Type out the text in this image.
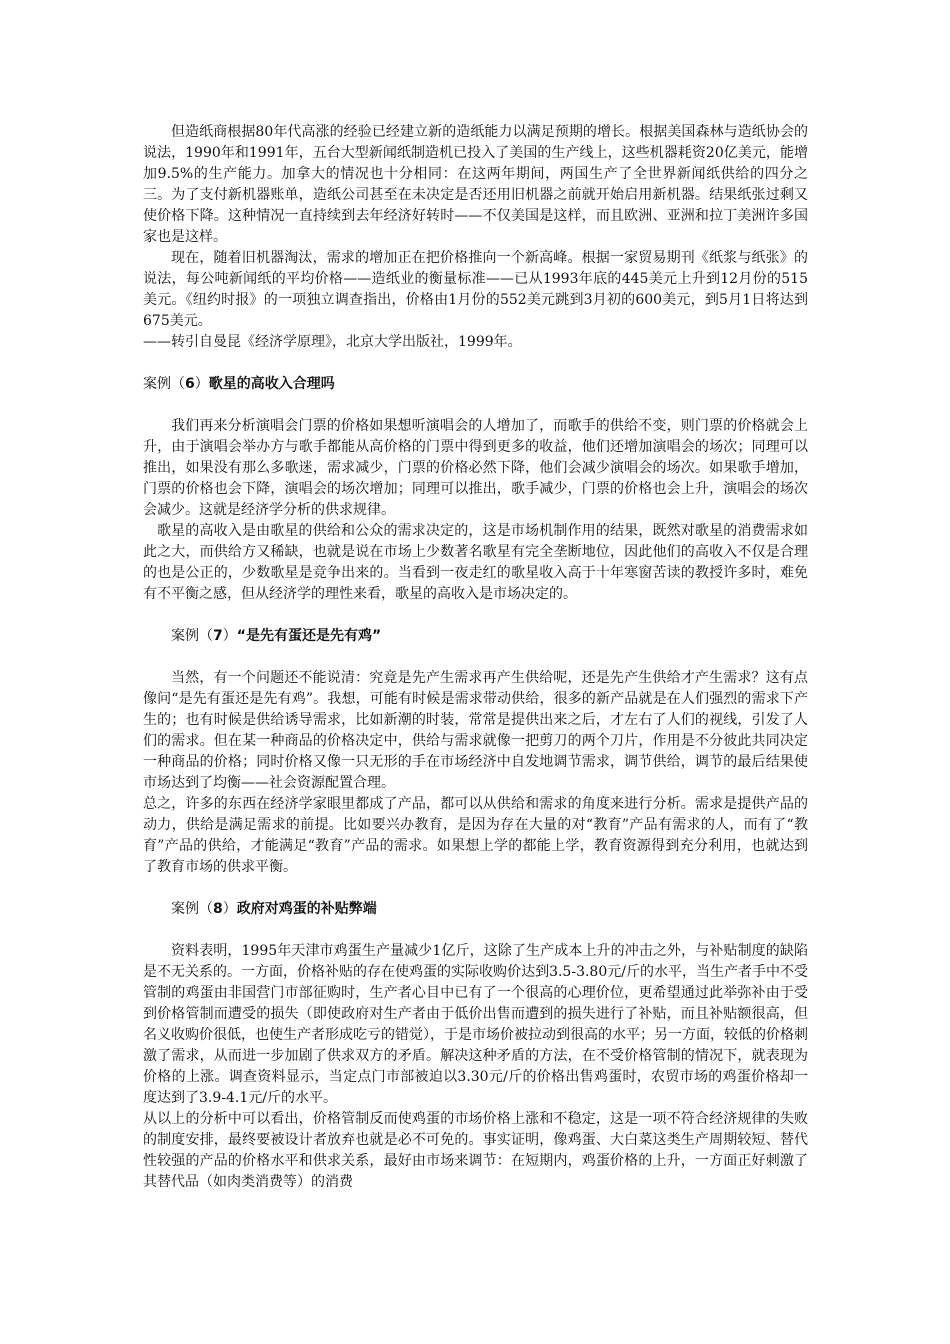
但造纸商根据80年代高涨的经验已经建立新的造纸能力以满足预期的增长。根据美国森林与造纸协会的说法，1990年和1991年，五台大型新闻纸制造机已投入了美国的生产线上，这些机器耗资20亿美元，能增加9.5%的生产能力。加拿大的情况也十分相同：在这两年期间，两国生产了全世界新闻纸供给的四分之三。为了支付新机器账单，造纸公司甚至在未决定是否还用旧机器之前就开始启用新机器。结果纸张过剩又使价格下降。这种情况一直持续到去年经济好转时——不仅美国是这样，而且欧洲、亚洲和拉丁美洲许多国家也是这样。

现在，随着旧机器淘汰，需求的增加正在把价格推向一个新高峰。根据一家贸易期刊《纸浆与纸张》的说法，每公吨新闻纸的平均价格——造纸业的衡量标准——已从1993年底的445美元上升到12月份的515美元。《纽约时报》的一项独立调查指出，价格由1月份的552美元跳到3月初的600美元，到5月1日将达到675美元。

——转引自曼昆《经济学原理》，北京大学出版社，1999年。

案例（6）歌星的高收入合理吗

我们再来分析演唱会门票的价格如果想听演唱会的人增加了，而歌手的供给不变，则门票的价格就会上升，由于演唱会举办方与歌手都能从高价格的门票中得到更多的收益，他们还增加演唱会的场次；同理可以推出，如果没有那么多歌迷，需求减少，门票的价格必然下降，他们会减少演唱会的场次。如果歌手增加，门票的价格也会下降，演唱会的场次增加；同理可以推出，歌手减少，门票的价格也会上升，演唱会的场次会减少。这就是经济学分析的供求规律。

歌星的高收入是由歌星的供给和公众的需求决定的，这是市场机制作用的结果，既然对歌星的消费需求如此之大，而供给方又稀缺，也就是说在市场上少数著名歌星有完全垄断地位，因此他们的高收入不仅是合理的也是公正的，少数歌星是竞争出来的。当看到一夜走红的歌星收入高于十年寒窗苦读的教授许多时，难免有不平衡之感，但从经济学的理性来看，歌星的高收入是市场决定的。

案例（7）“是先有蛋还是先有鸡”

当然，有一个问题还不能说清：究竟是先产生需求再产生供给呢，还是先产生供给才产生需求？这有点像问“是先有蛋还是先有鸡”。我想，可能有时候是需求带动供给，很多的新产品就是在人们强烈的需求下产生的；也有时候是供给诱导需求，比如新潮的时装，常常是提供出来之后，才左右了人们的视线，引发了人们的需求。但在某一种商品的价格决定中，供给与需求就像一把剪刀的两个刀片，作用是不分彼此共同决定一种商品的价格；同时价格又像一只无形的手在市场经济中自发地调节需求，调节供给，调节的最后结果使市场达到了均衡——社会资源配置合理。

总之，许多的东西在经济学家眼里都成了产品，都可以从供给和需求的角度来进行分析。需求是提供产品的动力，供给是满足需求的前提。比如要兴办教育，是因为存在大量的对“教育”产品有需求的人，而有了“教育”产品的供给，才能满足“教育”产品的需求。如果想上学的都能上学，教育资源得到充分利用，也就达到了教育市场的供求平衡。

案例（8）政府对鸡蛋的补贴弊端

资料表明，1995年天津市鸡蛋生产量减少1亿斤，这除了生产成本上升的冲击之外，与补贴制度的缺陷是不无关系的。一方面，价格补贴的存在使鸡蛋的实际收购价达到3.5-3.80元/斤的水平，当生产者手中不受管制的鸡蛋由非国营门市部征购时，生产者心目中已有了一个很高的心理价位，更希望通过此举弥补由于受到价格管制而遭受的损失（即使政府对生产者由于低价出售而遭到的损失进行了补贴，而且补贴额很高，但名义收购价很低，也使生产者形成吃亏的错觉），于是市场价被拉动到很高的水平；另一方面，较低的价格刺激了需求，从而进一步加剧了供求双方的矛盾。解决这种矛盾的方法，在不受价格管制的情况下，就表现为价格的上涨。调查资料显示，当定点门市部被迫以3.30元/斤的价格出售鸡蛋时，农贸市场的鸡蛋价格却一度达到了3.9-4.1元/斤的水平。

从以上的分析中可以看出，价格管制反而使鸡蛋的市场价格上涨和不稳定，这是一项不符合经济规律的失败的制度安排，最终要被设计者放弃也就是必不可免的。事实证明，像鸡蛋、大白菜这类生产周期较短、替代性较强的产品的价格水平和供求关系，最好由市场来调节：在短期内，鸡蛋价格的上升，一方面正好刺激了其替代品（如肉类消费等）的消费
